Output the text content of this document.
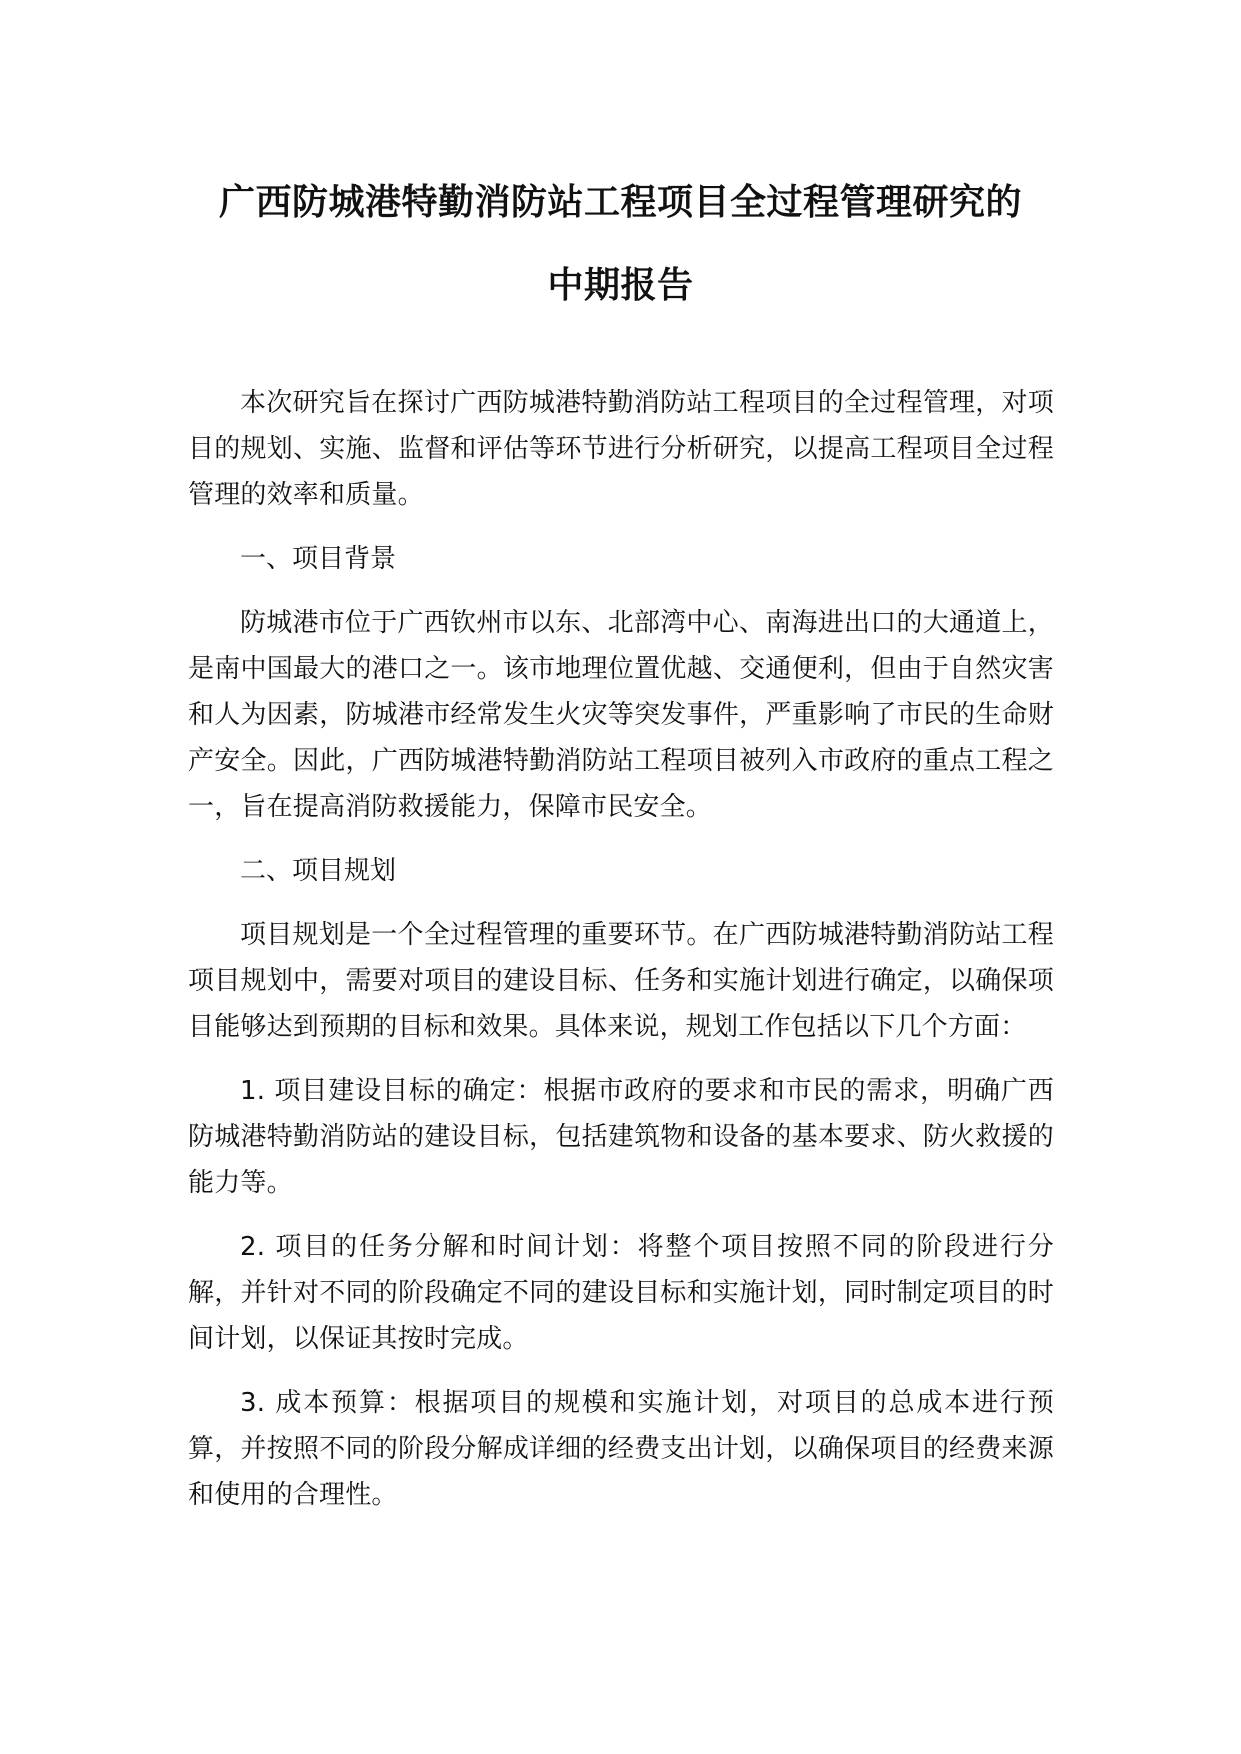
广西防城港特勤消防站工程项目全过程管理研究的
中期报告

本次研究旨在探讨广西防城港特勤消防站工程项目的全过程管理，对项目的规划、实施、监督和评估等环节进行分析研究，以提高工程项目全过程管理的效率和质量。

一、项目背景

防城港市位于广西钦州市以东、北部湾中心、南海进出口的大通道上，是南中国最大的港口之一。该市地理位置优越、交通便利，但由于自然灾害和人为因素，防城港市经常发生火灾等突发事件，严重影响了市民的生命财产安全。因此，广西防城港特勤消防站工程项目被列入市政府的重点工程之一，旨在提高消防救援能力，保障市民安全。

二、项目规划

项目规划是一个全过程管理的重要环节。在广西防城港特勤消防站工程项目规划中，需要对项目的建设目标、任务和实施计划进行确定，以确保项目能够达到预期的目标和效果。具体来说，规划工作包括以下几个方面：

1. 项目建设目标的确定：根据市政府的要求和市民的需求，明确广西防城港特勤消防站的建设目标，包括建筑物和设备的基本要求、防火救援的能力等。

2. 项目的任务分解和时间计划：将整个项目按照不同的阶段进行分解，并针对不同的阶段确定不同的建设目标和实施计划，同时制定项目的时间计划，以保证其按时完成。

3. 成本预算：根据项目的规模和实施计划，对项目的总成本进行预算，并按照不同的阶段分解成详细的经费支出计划，以确保项目的经费来源和使用的合理性。
